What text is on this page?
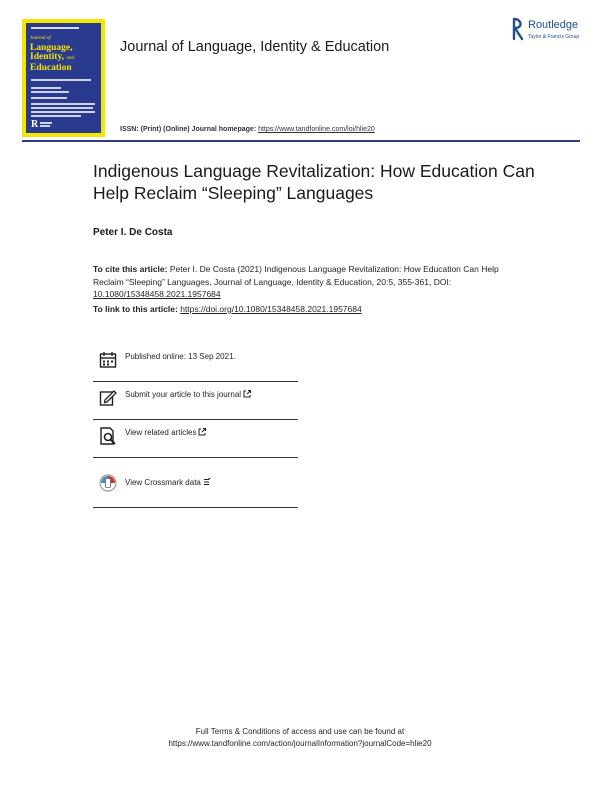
Journal of
Language,
Identity, and
Education
R
Journal of Language, Identity & Education
Routledge
Taylor & Francis Group
ISSN: (Print) (Online) Journal homepage: https://www.tandfonline.com/loi/hlie20
Indigenous Language Revitalization: How Education Can Help Reclaim “Sleeping” Languages
Peter I. De Costa
To cite this article: Peter I. De Costa (2021) Indigenous Language Revitalization: How Education Can Help Reclaim “Sleeping” Languages, Journal of Language, Identity & Education, 20:5, 355-361, DOI: 10.1080/15348458.2021.1957684
To link to this article: https://doi.org/10.1080/15348458.2021.1957684
Published online: 13 Sep 2021.
Submit your article to this journal
View related articles
View Crossmark data
Full Terms & Conditions of access and use can be found at
https://www.tandfonline.com/action/journalInformation?journalCode=hlie20
